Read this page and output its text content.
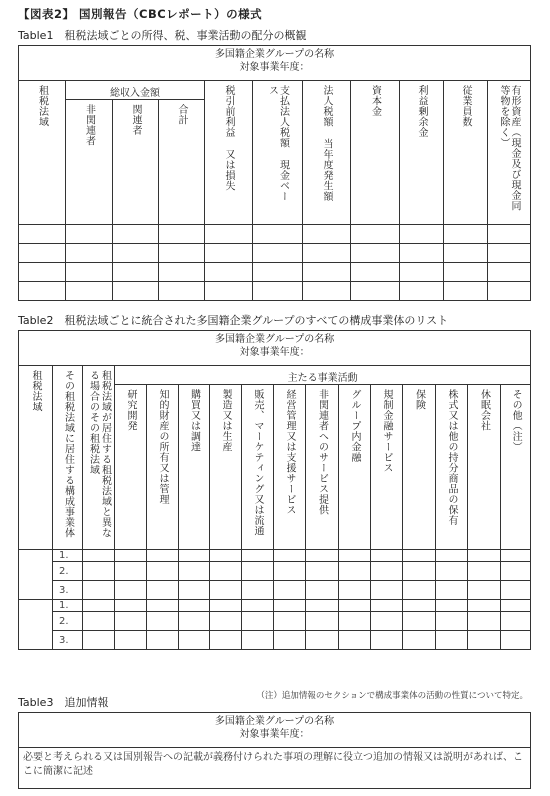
【図表2】 国別報告（CBCレポート）の様式
Table1　租税法域ごとの所得、税、事業活動の配分の概観
多国籍企業グループの名称
対象事業年度：										

租税法域	総収入金額			税引前利益 又は損失	支払法人税額 現金ベース	法人税額 当年度発生額	資本金	利益剰余金	従業員数	有形資産（現金及び現金同等物を除く）

	非関連者	関連者	合計							

Table2　租税法域ごとに統合された多国籍企業グループのすべての構成事業体のリスト
多国籍企業グループの名称
対象事業年度：															

租税法域	その租税法域に居住する構成事業体	租税法域が居住する租税法域と異なる場合のその租税法域	主たる事業活動												

			研究開発	知的財産の所有又は管理	購買又は調達	製造又は生産	販売、マーケティング又は流通	経営管理又は支援サービス	非関連者へのサービス提供	グループ内金融	規制金融サービス	保険	株式又は他の持分商品の保有	休眠会社	その他（注）

	1.														
	2.														
	3.														
	1.														
	2.														
	3.														
（注）追加情報のセクションで構成事業体の活動の性質について特定。
Table3　追加情報
多国籍企業グループの名称
対象事業年度：

必要と考えられる又は国別報告への記載が義務付けられた事項の理解に役立つ追加の情報又は説明があれば、ここに簡潔に記述
